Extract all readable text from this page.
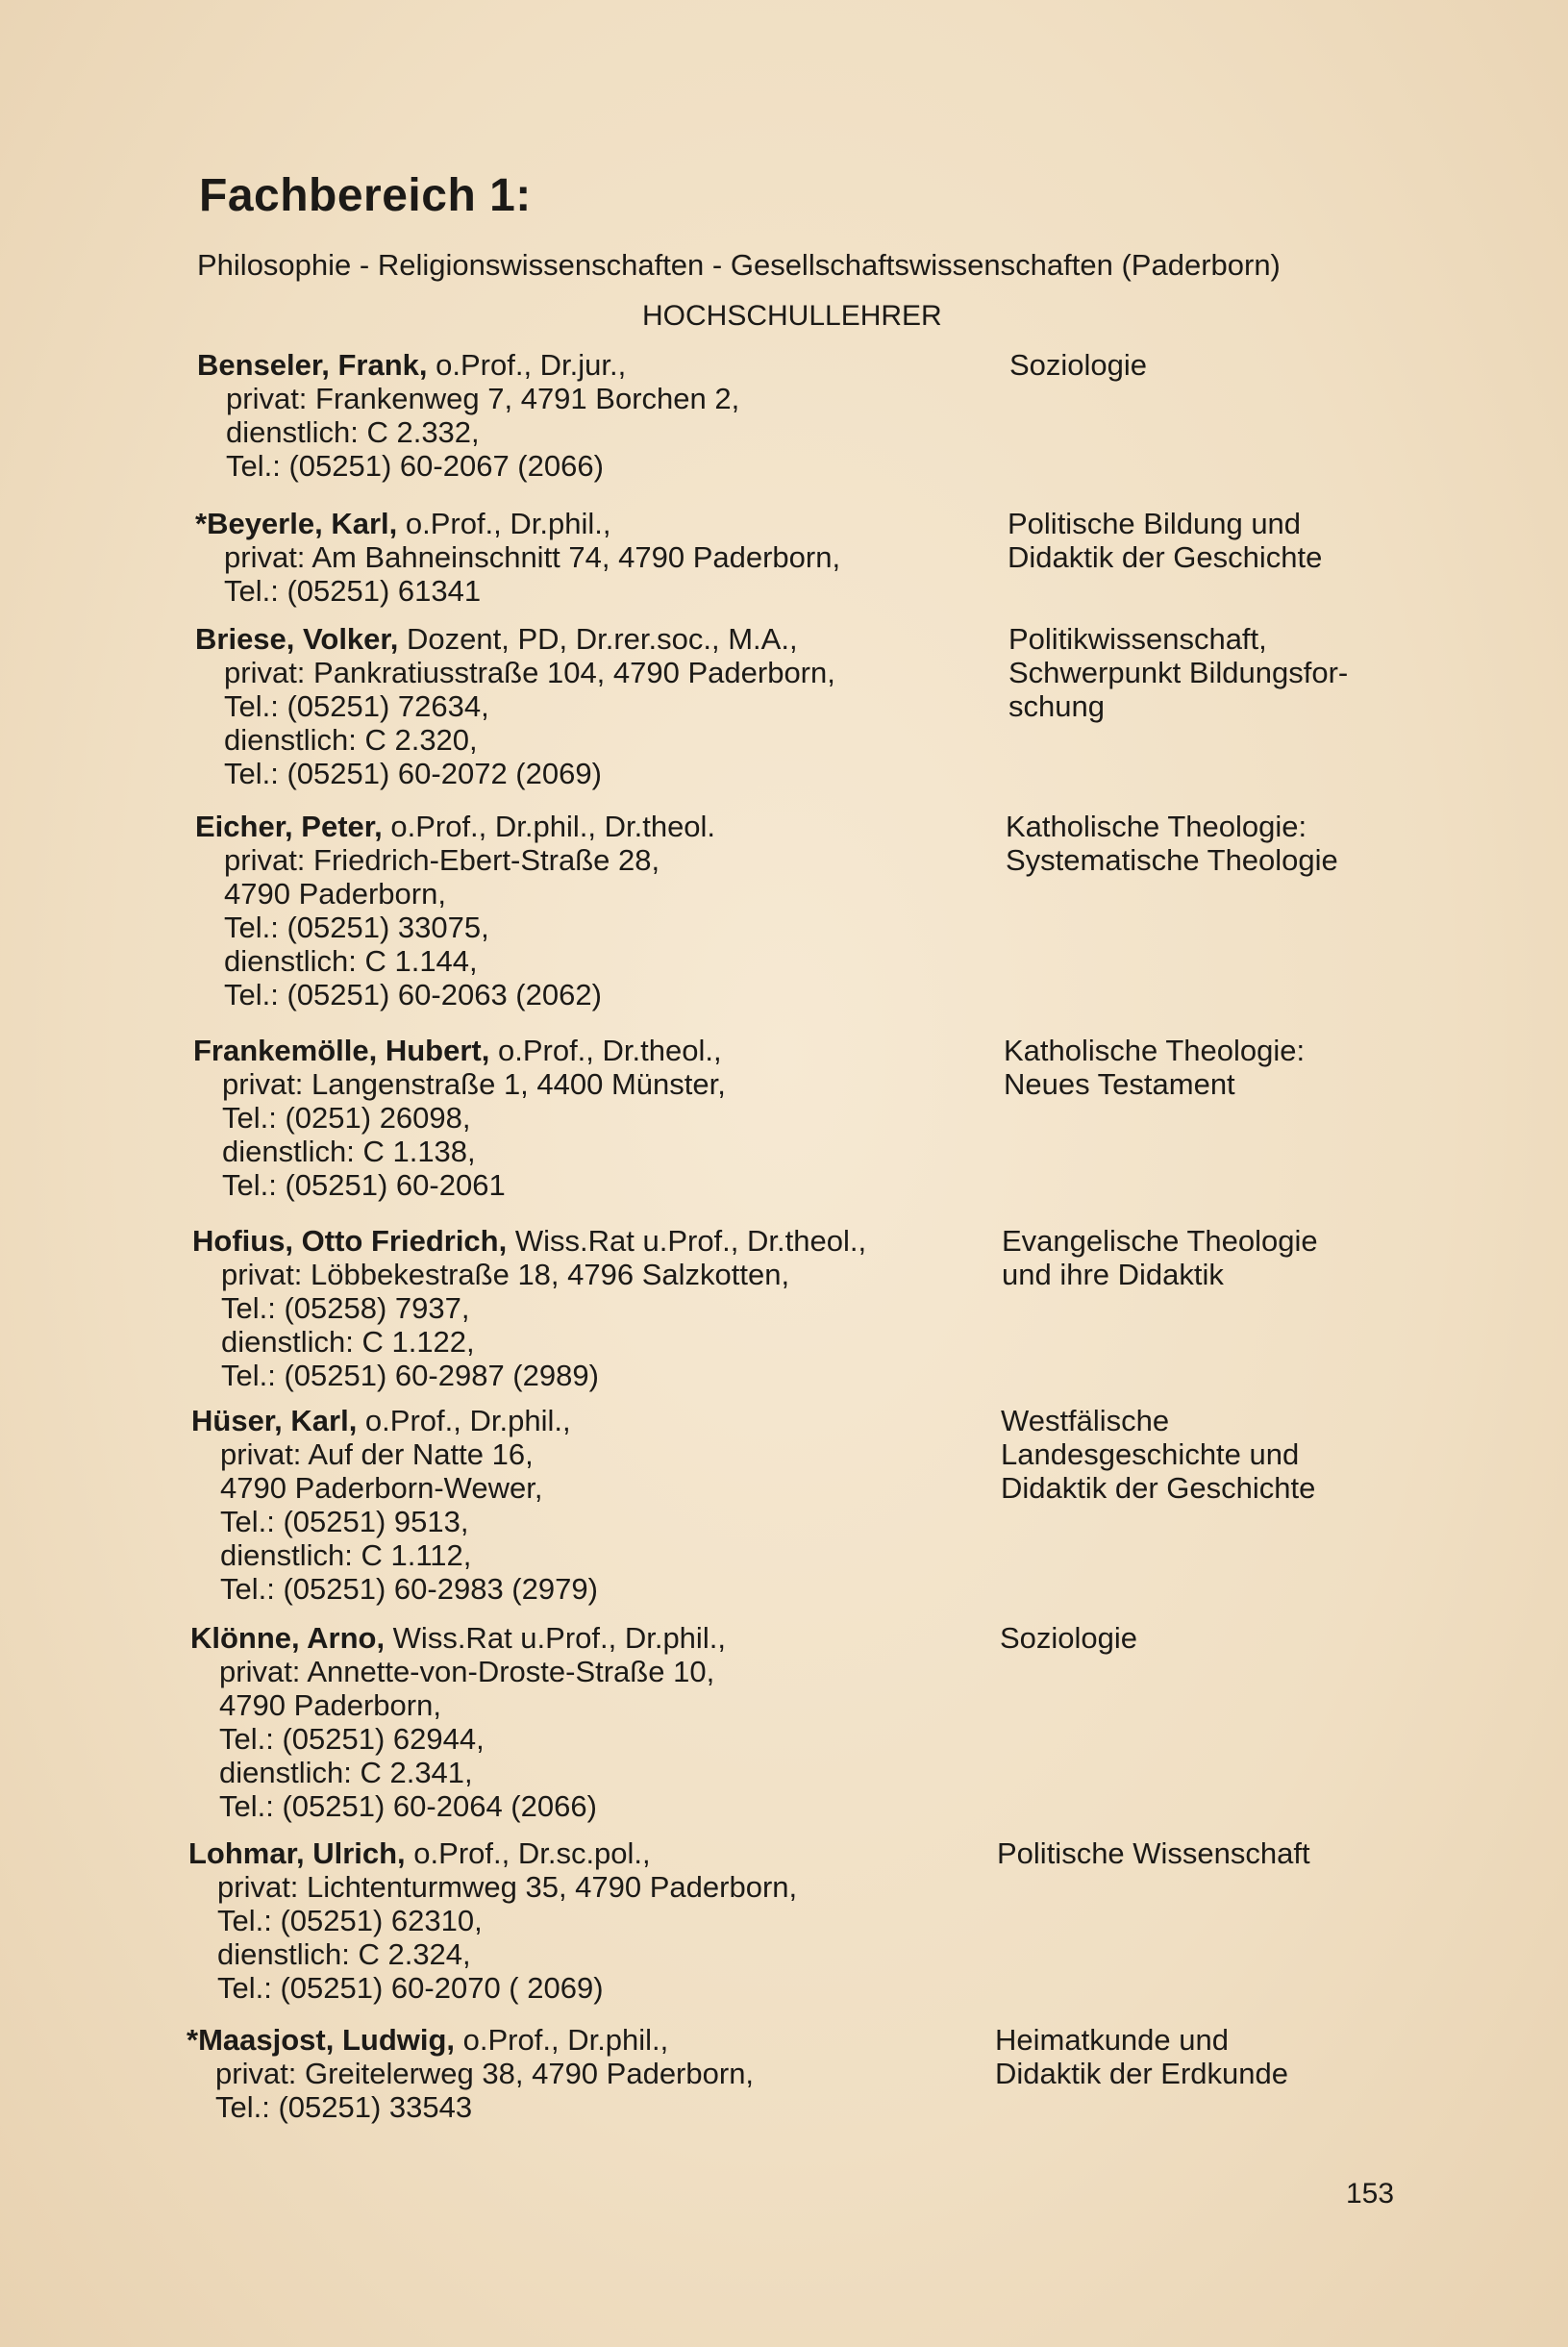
Fachbereich 1:
Philosophie - Religionswissenschaften - Gesellschaftswissenschaften (Paderborn)
HOCHSCHULLEHRER
Benseler, Frank, o.Prof., Dr.jur.,
privat: Frankenweg 7, 4791 Borchen 2,
dienstlich: C 2.332,
Tel.: (05251) 60-2067 (2066)
Soziologie
*Beyerle, Karl, o.Prof., Dr.phil.,
privat: Am Bahneinschnitt 74, 4790 Paderborn,
Tel.: (05251) 61341
Politische Bildung und
Didaktik der Geschichte
Briese, Volker, Dozent, PD, Dr.rer.soc., M.A.,
privat: Pankratiusstraße 104, 4790 Paderborn,
Tel.: (05251) 72634,
dienstlich: C 2.320,
Tel.: (05251) 60-2072 (2069)
Politikwissenschaft,
Schwerpunkt Bildungsfor-
schung
Eicher, Peter, o.Prof., Dr.phil., Dr.theol.
privat: Friedrich-Ebert-Straße 28,
4790 Paderborn,
Tel.: (05251) 33075,
dienstlich: C 1.144,
Tel.: (05251) 60-2063 (2062)
Katholische Theologie:
Systematische Theologie
Frankemölle, Hubert, o.Prof., Dr.theol.,
privat: Langenstraße 1, 4400 Münster,
Tel.: (0251) 26098,
dienstlich: C 1.138,
Tel.: (05251) 60-2061
Katholische Theologie:
Neues Testament
Hofius, Otto Friedrich, Wiss.Rat u.Prof., Dr.theol.,
privat: Löbbekestraße 18, 4796 Salzkotten,
Tel.: (05258) 7937,
dienstlich: C 1.122,
Tel.: (05251) 60-2987 (2989)
Evangelische Theologie
und ihre Didaktik
Hüser, Karl, o.Prof., Dr.phil.,
privat: Auf der Natte 16,
4790 Paderborn-Wewer,
Tel.: (05251) 9513,
dienstlich: C 1.112,
Tel.: (05251) 60-2983 (2979)
Westfälische
Landesgeschichte und
Didaktik der Geschichte
Klönne, Arno, Wiss.Rat u.Prof., Dr.phil.,
privat: Annette-von-Droste-Straße 10,
4790 Paderborn,
Tel.: (05251) 62944,
dienstlich: C 2.341,
Tel.: (05251) 60-2064 (2066)
Soziologie
Lohmar, Ulrich, o.Prof., Dr.sc.pol.,
privat: Lichtenturmweg 35, 4790 Paderborn,
Tel.: (05251) 62310,
dienstlich: C 2.324,
Tel.: (05251) 60-2070 ( 2069)
Politische Wissenschaft
*Maasjost, Ludwig, o.Prof., Dr.phil.,
privat: Greitelerweg 38, 4790 Paderborn,
Tel.: (05251) 33543
Heimatkunde und
Didaktik der Erdkunde
153
